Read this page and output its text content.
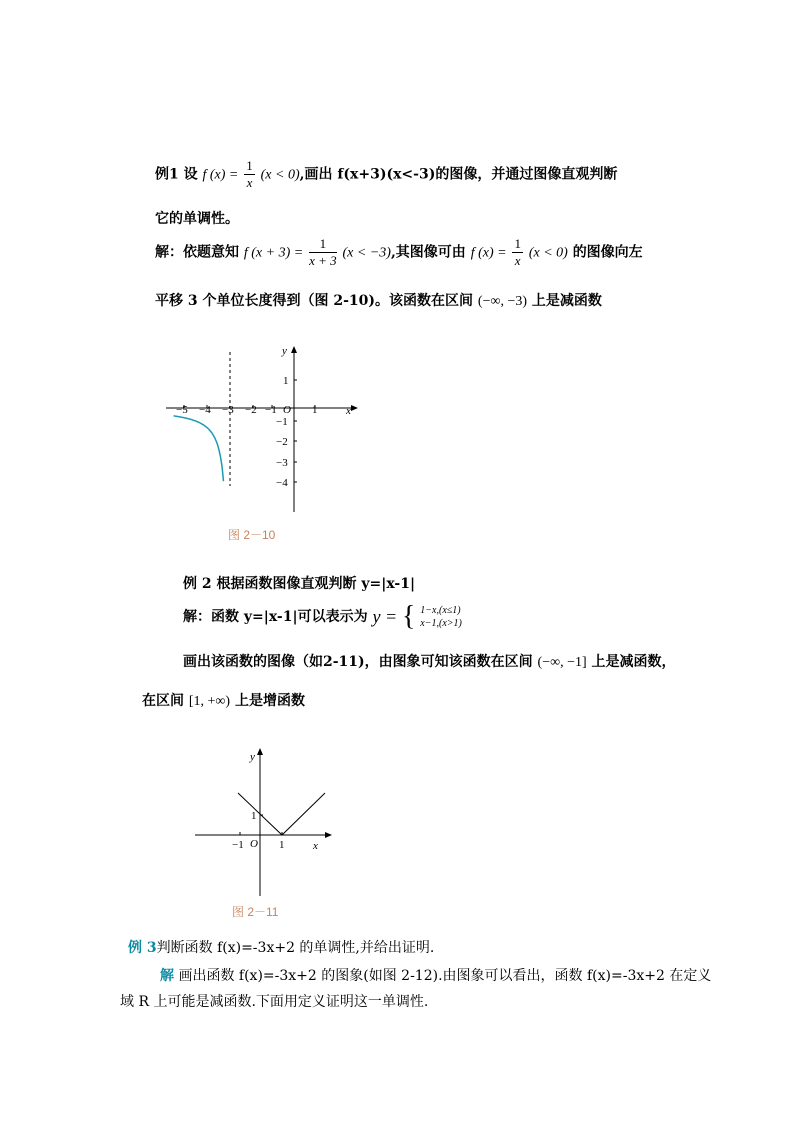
例1 设 f $(x) = \frac{1}{x} (x < 0)$,画出 f(x+3)(x<-3)的图像，并通过图像直观判断
它的单调性。
解：依题意知 f $(x + 3) = \frac{1}{x + 3} (x < -3)$,其图像可由 f $(x) = \frac{1}{x} (x < 0)$ 的图像向左
平移 3 个单位长度得到（图 2-10)。该函数在区间 (−∞, −3) 上是减函数
y
x
O
−5 −4 −3 −2 −1	1
1
−1
−2
−3
−4
图 2－10
例 2 根据函数图像直观判断 y=|x-1|
解：函数 y=|x-1|可以表示为 y = { 1−x,(x≤1)
x−1,(x>1)
画出该函数的图像（如2-11)，由图象可知该函数在区间 (−∞, −1] 上是减函数，
在区间 [1, +∞) 上是增函数
y
x
O
−1	1
1
图 2－11
例 3判断函数 f(x)=-3x+2 的单调性,并给出证明.
解 画出函数 f(x)=-3x+2 的图象(如图 2-12).由图象可以看出，函数 f(x)=-3x+2 在定义
域 R 上可能是减函数.下面用定义证明这一单调性.
